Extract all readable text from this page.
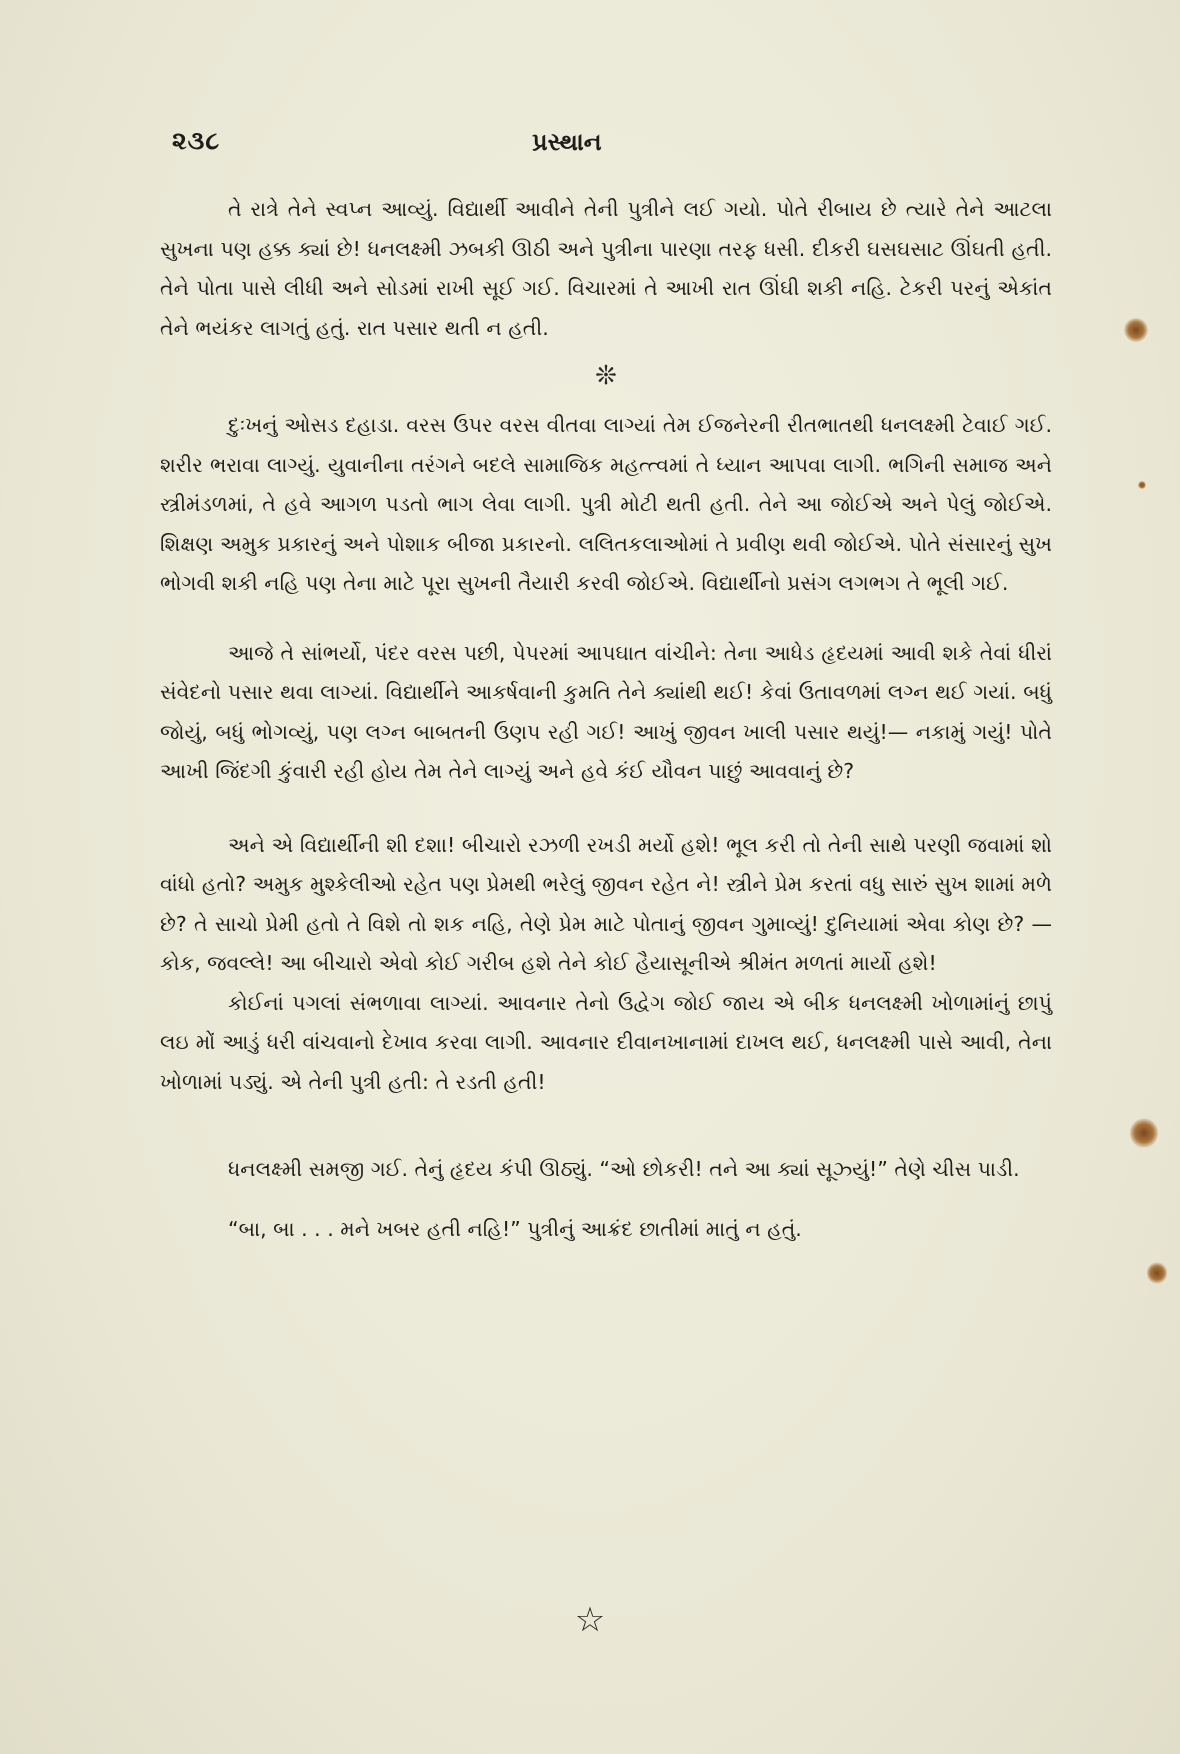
૨૩૮	પ્રસ્થાન

તે રાત્રે તેને સ્વપ્ન આવ્યું. વિદ્યાર્થી આવીને તેની પુત્રીને લઈ ગયો. પોતે રીબાય છે ત્યારે તેને આટલા સુખના પણ હક્ક ક્યાં છે! ધનલક્ષ્મી ઝબકી ઊઠી અને પુત્રીના પારણા તરફ ધસી. દીકરી ઘસઘસાટ ઊંઘતી હતી. તેને પોતા પાસે લીધી અને સોડમાં રાખી સૂઈ ગઈ. વિચારમાં તે આખી રાત ઊંઘી શકી નહિ. ટેકરી પરનું એકાંત તેને ભયંકર લાગતું હતું. રાત પસાર થતી ન હતી.

❊

દુઃખનું ઓસડ દહાડા. વરસ ઉપર વરસ વીતવા લાગ્યાં તેમ ઈજનેરની રીતભાતથી ધનલક્ષ્મી ટેવાઈ ગઈ. શરીર ભરાવા લાગ્યું. યુવાનીના તરંગને બદલે સામાજિક મહત્ત્વમાં તે ધ્યાન આપવા લાગી. ભગિની સમાજ અને સ્ત્રીમંડળમાં, તે હવે આગળ પડતો ભાગ લેવા લાગી. પુત્રી મોટી થતી હતી. તેને આ જોઈએ અને પેલું જોઈએ. શિક્ષણ અમુક પ્રકારનું અને પોશાક બીજા પ્રકારનો. લલિતકલાઓમાં તે પ્રવીણ થવી જોઈએ. પોતે સંસારનું સુખ ભોગવી શકી નહિ પણ તેના માટે પૂરા સુખની તૈયારી કરવી જોઈએ. વિદ્યાર્થીનો પ્રસંગ લગભગ તે ભૂલી ગઈ.

આજે તે સાંભર્યો, પંદર વરસ પછી, પેપરમાં આપઘાત વાંચીને: તેના આધેડ હૃદયમાં આવી શકે તેવાં ધીરાં સંવેદનો પસાર થવા લાગ્યાં. વિદ્યાર્થીને આકર્ષવાની કુમતિ તેને ક્યાંથી થઈ! કેવાં ઉતાવળમાં લગ્ન થઈ ગયાં. બધું જોયું, બધું ભોગવ્યું, પણ લગ્ન બાબતની ઉણપ રહી ગઈ! આખું જીવન ખાલી પસાર થયું!— નકામું ગયું! પોતે આખી જિંદગી કુંવારી રહી હોય તેમ તેને લાગ્યું અને હવે કંઈ યૌવન પાછું આવવાનું છે?

અને એ વિદ્યાર્થીની શી દશા! બીચારો રઝળી રખડી મર્યો હશે! ભૂલ કરી તો તેની સાથે પરણી જવામાં શો વાંધો હતો? અમુક મુશ્કેલીઓ રહેત પણ પ્રેમથી ભરેલું જીવન રહેત ને! સ્ત્રીને પ્રેમ કરતાં વધુ સારું સુખ શામાં મળે છે? તે સાચો પ્રેમી હતો તે વિશે તો શક નહિ, તેણે પ્રેમ માટે પોતાનું જીવન ગુમાવ્યું! દુનિયામાં એવા કોણ છે? —કોક, જવલ્લે! આ બીચારો એવો કોઈ ગરીબ હશે તેને કોઈ હૈયાસૂનીએ શ્રીમંત મળતાં માર્યો હશે!

કોઈનાં પગલાં સંભળાવા લાગ્યાં. આવનાર તેનો ઉદ્વેગ જોઈ જાય એ બીક ધનલક્ષ્મી ખોળામાંનું છાપું લઇ મોં આડું ધરી વાંચવાનો દેખાવ કરવા લાગી. આવનાર દીવાનખાનામાં દાખલ થઈ, ધનલક્ષ્મી પાસે આવી, તેના ખોળામાં પડ્યું. એ તેની પુત્રી હતી: તે રડતી હતી!

ધનલક્ષ્મી સમજી ગઈ. તેનું હૃદય કંપી ઊઠ્યું. “ઓ છોકરી! તને આ ક્યાં સૂઝ્યું!” તેણે ચીસ પાડી.

“બા, બા . . . મને ખબર હતી નહિ!” પુત્રીનું આક્રંદ છાતીમાં માતું ન હતું.

☆
